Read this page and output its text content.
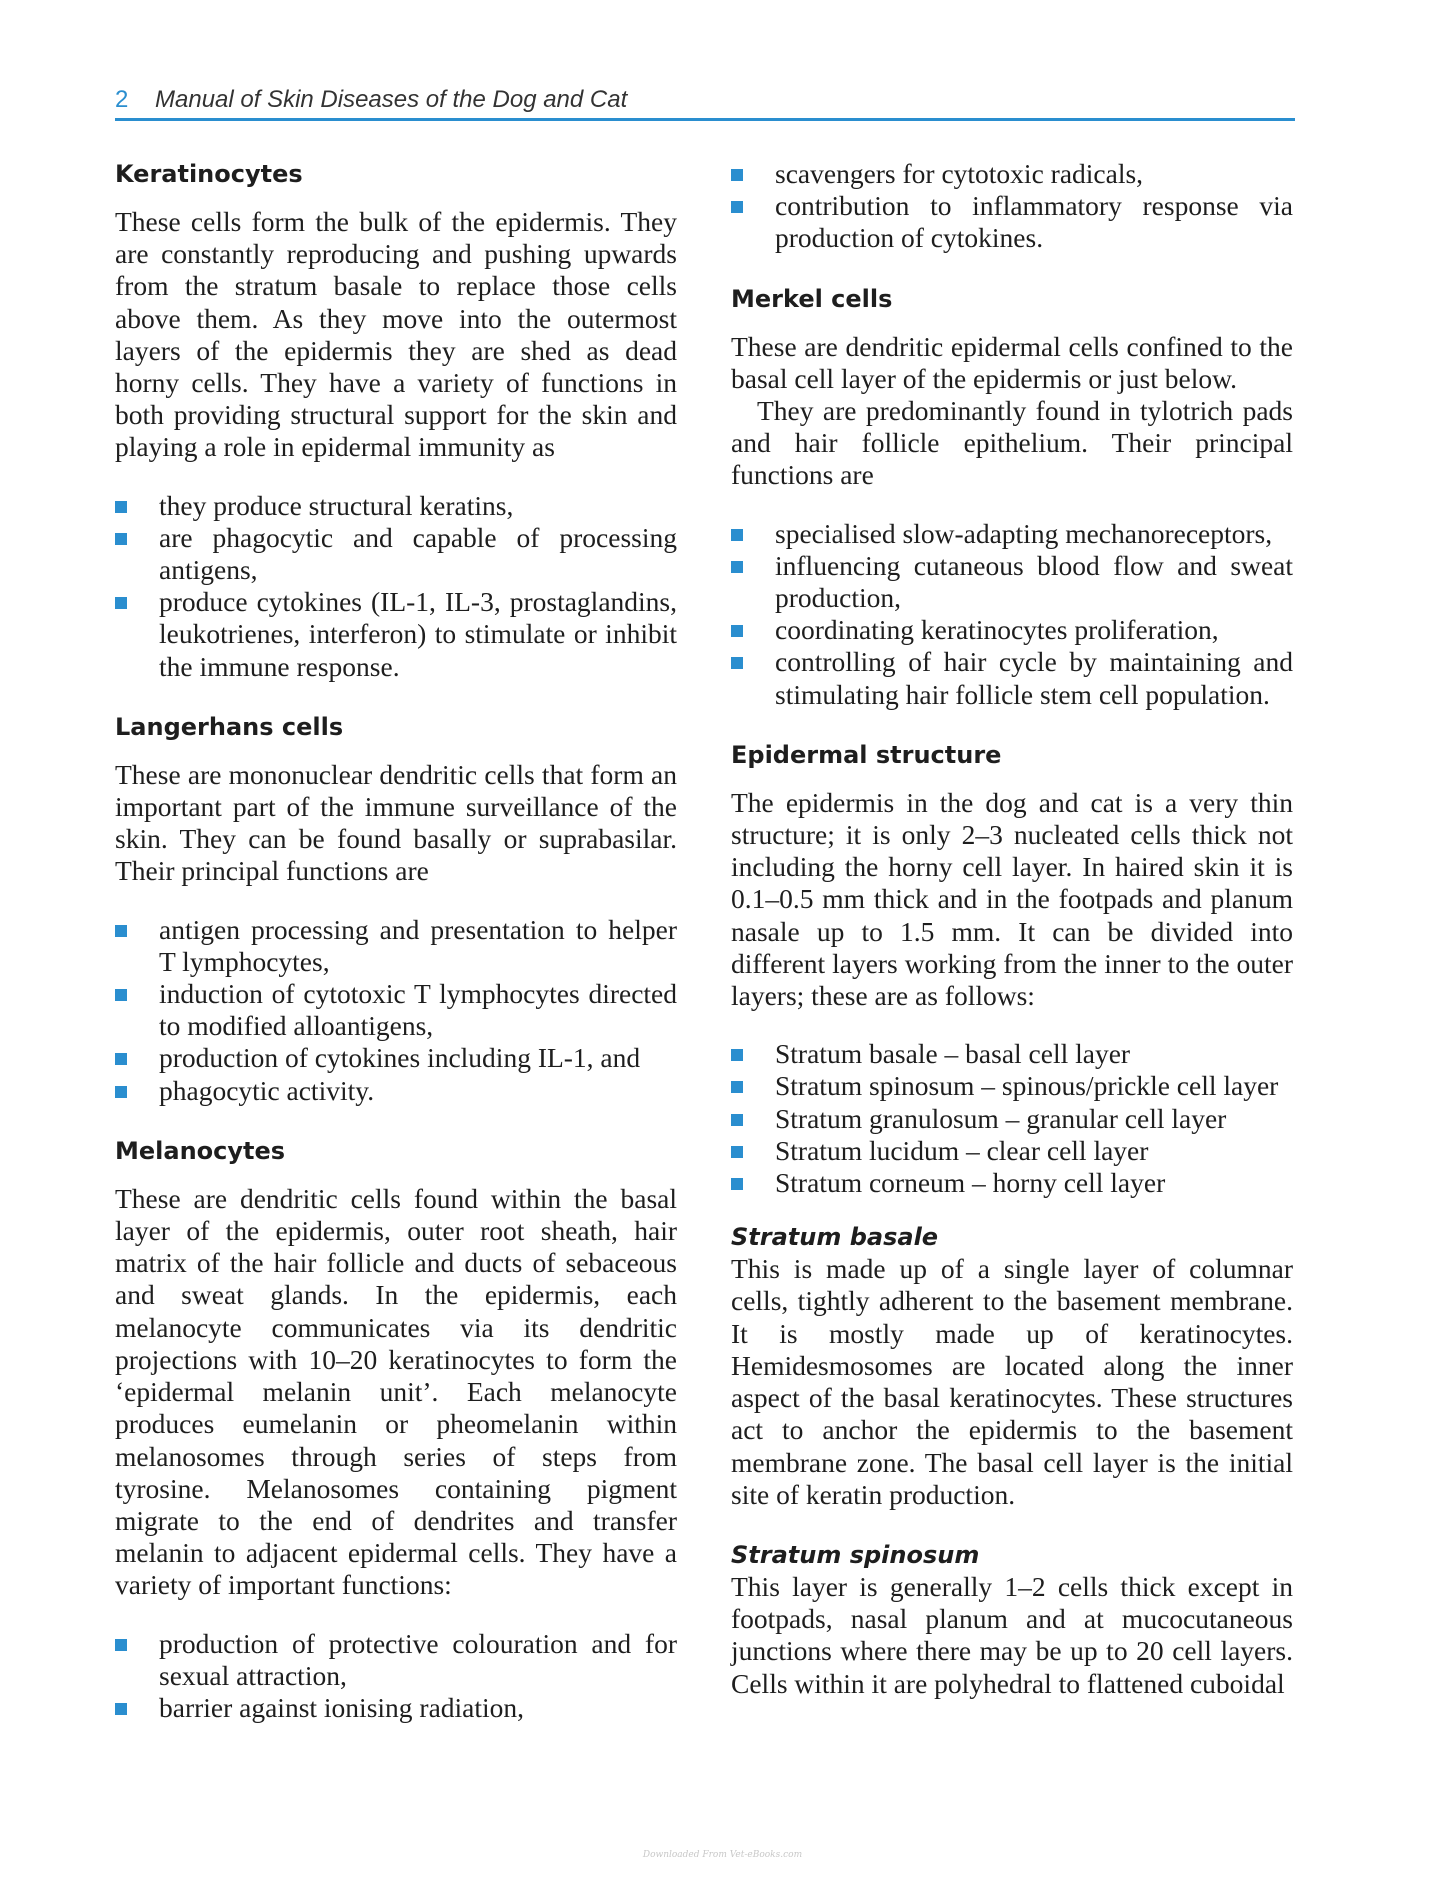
2 Manual of Skin Diseases of the Dog and Cat
Keratinocytes

These cells form the bulk of the epidermis. They are constantly reproducing and pushing upwards from the stratum basale to replace those cells above them. As they move into the outermost layers of the epidermis they are shed as dead horny cells. They have a variety of functions in both providing structural support for the skin and playing a role in epidermal immunity as

they produce structural keratins,
are phagocytic and capable of processing antigens,
produce cytokines (IL-1, IL-3, prostaglandins, leukotrienes, interferon) to stimulate or inhibit the immune response.
Langerhans cells

These are mononuclear dendritic cells that form an important part of the immune surveillance of the skin. They can be found basally or suprabasilar. Their principal functions are

antigen processing and presentation to helper T lymphocytes,
induction of cytotoxic T lymphocytes directed to modified alloantigens,
production of cytokines including IL-1, and
phagocytic activity.
Melanocytes

These are dendritic cells found within the basal layer of the epidermis, outer root sheath, hair matrix of the hair follicle and ducts of sebaceous and sweat glands. In the epidermis, each melanocyte communicates via its dendritic projections with 10–20 keratinocytes to form the ‘epidermal melanin unit’. Each melanocyte produces eumelanin or pheomelanin within melanosomes through series of steps from tyrosine. Melanosomes containing pigment migrate to the end of dendrites and transfer melanin to adjacent epidermal cells. They have a variety of important functions:

production of protective colouration and for sexual attraction,
barrier against ionising radiation,
scavengers for cytotoxic radicals,
contribution to inflammatory response via production of cytokines.
Merkel cells

These are dendritic epidermal cells confined to the basal cell layer of the epidermis or just below.

They are predominantly found in tylotrich pads and hair follicle epithelium. Their principal functions are

specialised slow-adapting mechanoreceptors,
influencing cutaneous blood flow and sweat production,
coordinating keratinocytes proliferation,
controlling of hair cycle by maintaining and stimulating hair follicle stem cell population.
Epidermal structure

The epidermis in the dog and cat is a very thin structure; it is only 2–3 nucleated cells thick not including the horny cell layer. In haired skin it is 0.1–0.5 mm thick and in the footpads and planum nasale up to 1.5 mm. It can be divided into different layers working from the inner to the outer layers; these are as follows:

Stratum basale – basal cell layer
Stratum spinosum – spinous/prickle cell layer
Stratum granulosum – granular cell layer
Stratum lucidum – clear cell layer
Stratum corneum – horny cell layer
Stratum basale

This is made up of a single layer of columnar cells, tightly adherent to the basement membrane. It is mostly made up of keratinocytes. Hemidesmosomes are located along the inner aspect of the basal keratinocytes. These structures act to anchor the epidermis to the basement membrane zone. The basal cell layer is the initial site of keratin production.

Stratum spinosum

This layer is generally 1–2 cells thick except in footpads, nasal planum and at mucocutaneous junctions where there may be up to 20 cell layers. Cells within it are polyhedral to flattened cuboidal

Downloaded From Vet-eBooks.com
